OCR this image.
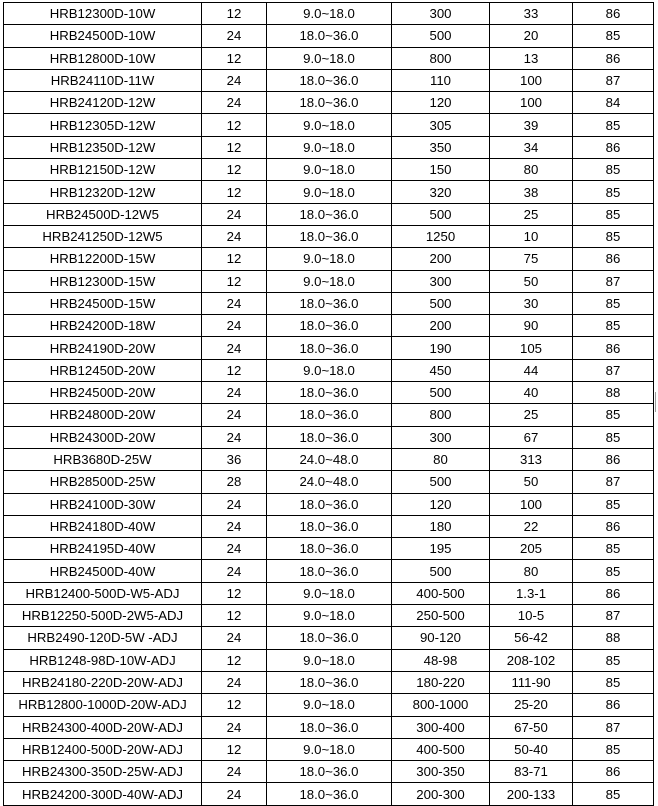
HRB12300D-10W	12	9.0~18.0	300	33	86
HRB24500D-10W	24	18.0~36.0	500	20	85
HRB12800D-10W	12	9.0~18.0	800	13	86
HRB24110D-11W	24	18.0~36.0	110	100	87
HRB24120D-12W	24	18.0~36.0	120	100	84
HRB12305D-12W	12	9.0~18.0	305	39	85
HRB12350D-12W	12	9.0~18.0	350	34	86
HRB12150D-12W	12	9.0~18.0	150	80	85
HRB12320D-12W	12	9.0~18.0	320	38	85
HRB24500D-12W5	24	18.0~36.0	500	25	85
HRB241250D-12W5	24	18.0~36.0	1250	10	85
HRB12200D-15W	12	9.0~18.0	200	75	86
HRB12300D-15W	12	9.0~18.0	300	50	87
HRB24500D-15W	24	18.0~36.0	500	30	85
HRB24200D-18W	24	18.0~36.0	200	90	85
HRB24190D-20W	24	18.0~36.0	190	105	86
HRB12450D-20W	12	9.0~18.0	450	44	87
HRB24500D-20W	24	18.0~36.0	500	40	88
HRB24800D-20W	24	18.0~36.0	800	25	85
HRB24300D-20W	24	18.0~36.0	300	67	85
HRB3680D-25W	36	24.0~48.0	80	313	86
HRB28500D-25W	28	24.0~48.0	500	50	87
HRB24100D-30W	24	18.0~36.0	120	100	85
HRB24180D-40W	24	18.0~36.0	180	22	86
HRB24195D-40W	24	18.0~36.0	195	205	85
HRB24500D-40W	24	18.0~36.0	500	80	85
HRB12400-500D-W5-ADJ	12	9.0~18.0	400-500	1.3-1	86
HRB12250-500D-2W5-ADJ	12	9.0~18.0	250-500	10-5	87
HRB2490-120D-5W -ADJ	24	18.0~36.0	90-120	56-42	88
HRB1248-98D-10W-ADJ	12	9.0~18.0	48-98	208-102	85
HRB24180-220D-20W-ADJ	24	18.0~36.0	180-220	111-90	85
HRB12800-1000D-20W-ADJ	12	9.0~18.0	800-1000	25-20	86
HRB24300-400D-20W-ADJ	24	18.0~36.0	300-400	67-50	87
HRB12400-500D-20W-ADJ	12	9.0~18.0	400-500	50-40	85
HRB24300-350D-25W-ADJ	24	18.0~36.0	300-350	83-71	86
HRB24200-300D-40W-ADJ	24	18.0~36.0	200-300	200-133	85
